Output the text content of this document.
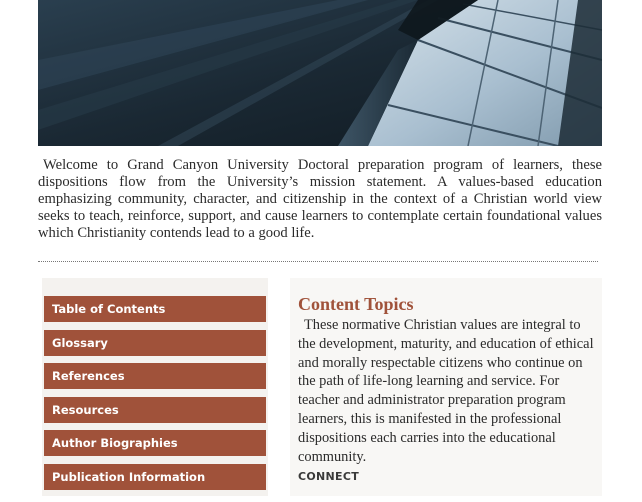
Welcome to Grand Canyon University Doctoral preparation program of learners, these dispositions flow from the University’s mission statement. A values-based education emphasizing community, character, and citizenship in the context of a Christian world view seeks to teach, reinforce, support, and cause learners to contemplate certain foundational values which Christianity contends lead to a good life.

Table of Contents
Glossary
References
Resources
Author Biographies
Publication Information
Content Topics

These normative Christian values are integral to the development, maturity, and education of ethical and morally respectable citizens who continue on the path of life-long learning and service. For teacher and administrator preparation program learners, this is manifested in the professional dispositions each carries into the educational community.

CONNECT
